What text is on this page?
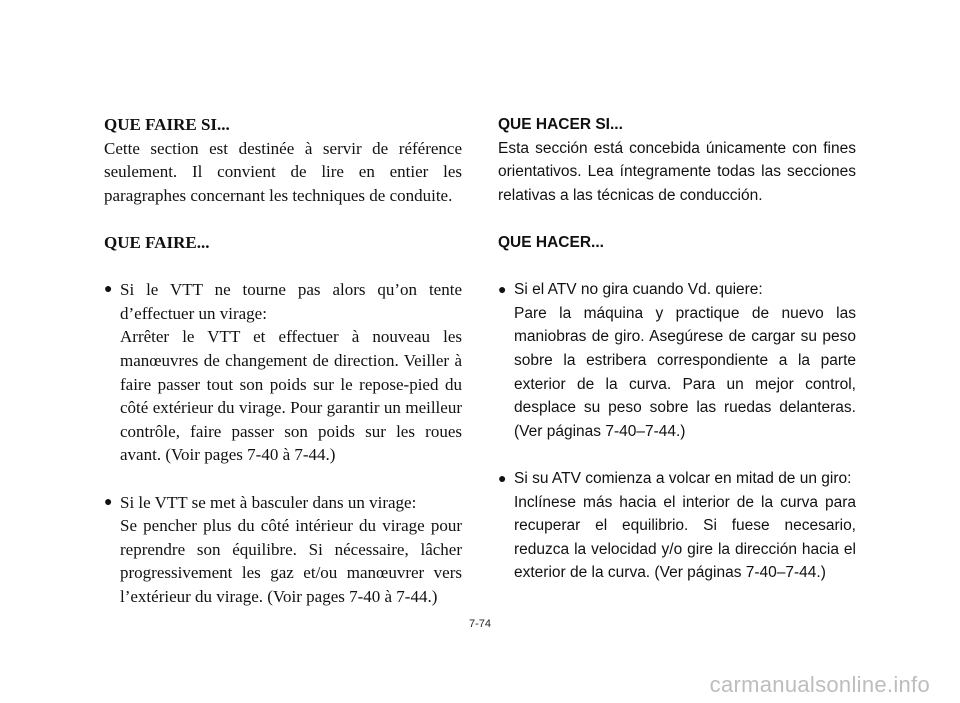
QUE FAIRE SI...

Cette section est destinée à servir de référence seulement. Il convient de lire en entier les paragraphes concernant les techniques de conduite.

QUE FAIRE...

● Si le VTT ne tourne pas alors qu’on tente d’effectuer un virage:

Arrêter le VTT et effectuer à nouveau les manœuvres de changement de direction. Veiller à faire passer tout son poids sur le repose-pied du côté extérieur du virage. Pour garantir un meilleur contrôle, faire passer son poids sur les roues avant. (Voir pages 7-40 à 7-44.)

● Si le VTT se met à basculer dans un virage:

Se pencher plus du côté intérieur du virage pour reprendre son équilibre. Si nécessaire, lâcher progressivement les gaz et/ou manœuvrer vers l’extérieur du virage. (Voir pages 7-40 à 7-44.)

QUE HACER SI...

Esta sección está concebida únicamente con fines orientativos. Lea íntegramente todas las secciones relativas a las técnicas de conducción.

QUE HACER...

● Si el ATV no gira cuando Vd. quiere:

Pare la máquina y practique de nuevo las maniobras de giro. Asegúrese de cargar su peso sobre la estribera correspondiente a la parte exterior de la curva. Para un mejor control, desplace su peso sobre las ruedas delanteras. (Ver páginas 7-40–7-44.)

● Si su ATV comienza a volcar en mitad de un giro:

Inclínese más hacia el interior de la curva para recuperar el equilibrio. Si fuese necesario, reduzca la velocidad y/o gire la dirección hacia el exterior de la curva. (Ver páginas 7-40–7-44.)

7-74
carmanualsonline.info
